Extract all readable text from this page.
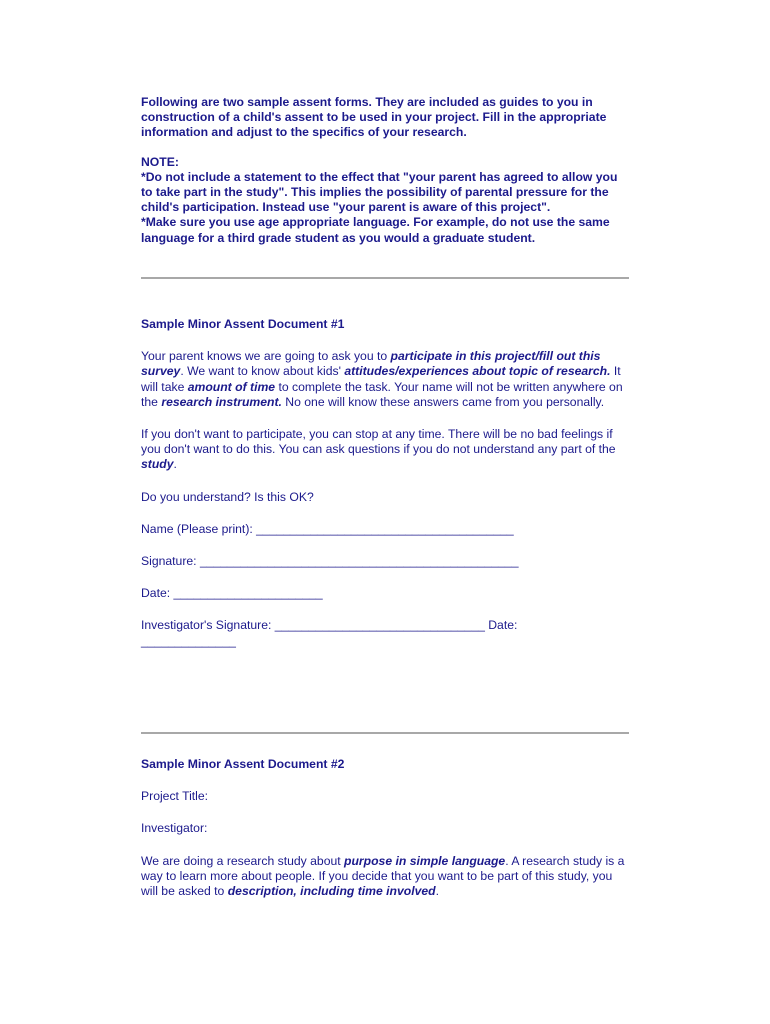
Following are two sample assent forms. They are included as guides to you in construction of a child's assent to be used in your project. Fill in the appropriate information and adjust to the specifics of your research.

NOTE:
*Do not include a statement to the effect that "your parent has agreed to allow you to take part in the study". This implies the possibility of parental pressure for the child's participation. Instead use "your parent is aware of this project".
*Make sure you use age appropriate language. For example, do not use the same language for a third grade student as you would a graduate student.

Sample Minor Assent Document #1

Your parent knows we are going to ask you to participate in this project/fill out this survey. We want to know about kids' attitudes/experiences about topic of research. It will take amount of time to complete the task. Your name will not be written anywhere on the research instrument. No one will know these answers came from you personally.

If you don't want to participate, you can stop at any time. There will be no bad feelings if you don't want to do this. You can ask questions if you do not understand any part of the study.

Do you understand? Is this OK?

Name (Please print): ______________________________________

Signature: _______________________________________________

Date: ______________________

Investigator's Signature: _______________________________ Date:
______________

Sample Minor Assent Document #2

Project Title:

Investigator:

We are doing a research study about purpose in simple language. A research study is a way to learn more about people. If you decide that you want to be part of this study, you will be asked to description, including time involved.
